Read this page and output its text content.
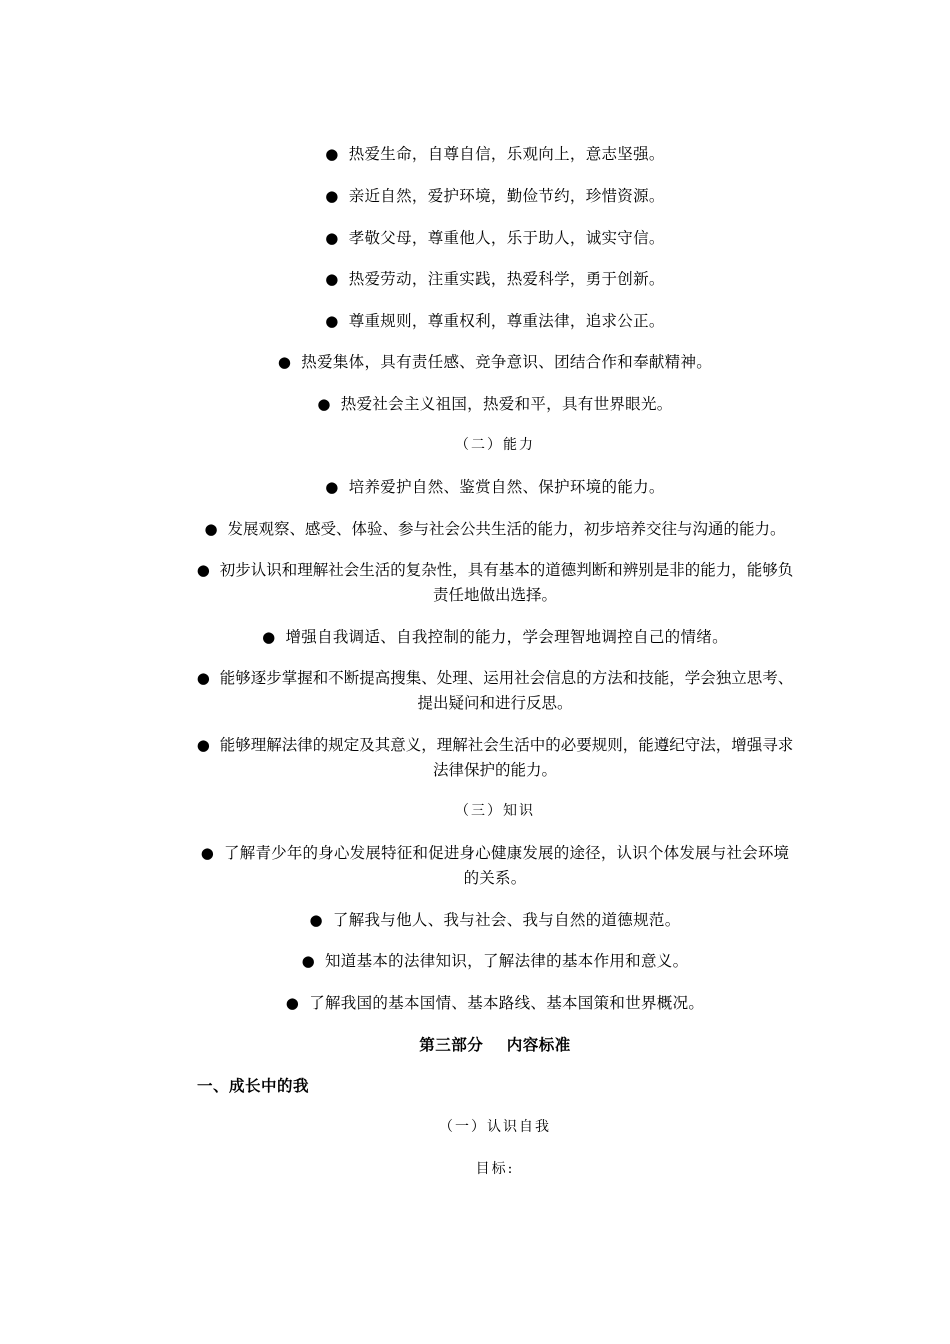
● 热爱生命，自尊自信，乐观向上，意志坚强。
● 亲近自然，爱护环境，勤俭节约，珍惜资源。
● 孝敬父母，尊重他人，乐于助人，诚实守信。
● 热爱劳动，注重实践，热爱科学，勇于创新。
● 尊重规则，尊重权利，尊重法律，追求公正。
● 热爱集体，具有责任感、竞争意识、团结合作和奉献精神。
● 热爱社会主义祖国，热爱和平，具有世界眼光。
（二）能力
● 培养爱护自然、鉴赏自然、保护环境的能力。
● 发展观察、感受、体验、参与社会公共生活的能力，初步培养交往与沟通的能力。
● 初步认识和理解社会生活的复杂性，具有基本的道德判断和辨别是非的能力，能够负责任地做出选择。
● 增强自我调适、自我控制的能力，学会理智地调控自己的情绪。
● 能够逐步掌握和不断提高搜集、处理、运用社会信息的方法和技能，学会独立思考、提出疑问和进行反思。
● 能够理解法律的规定及其意义，理解社会生活中的必要规则，能遵纪守法，增强寻求法律保护的能力。
（三）知识
● 了解青少年的身心发展特征和促进身心健康发展的途径，认识个体发展与社会环境的关系。
● 了解我与他人、我与社会、我与自然的道德规范。
● 知道基本的法律知识，了解法律的基本作用和意义。
● 了解我国的基本国情、基本路线、基本国策和世界概况。
第三部分    内容标准
一、成长中的我
（一）认识自我
目标:
